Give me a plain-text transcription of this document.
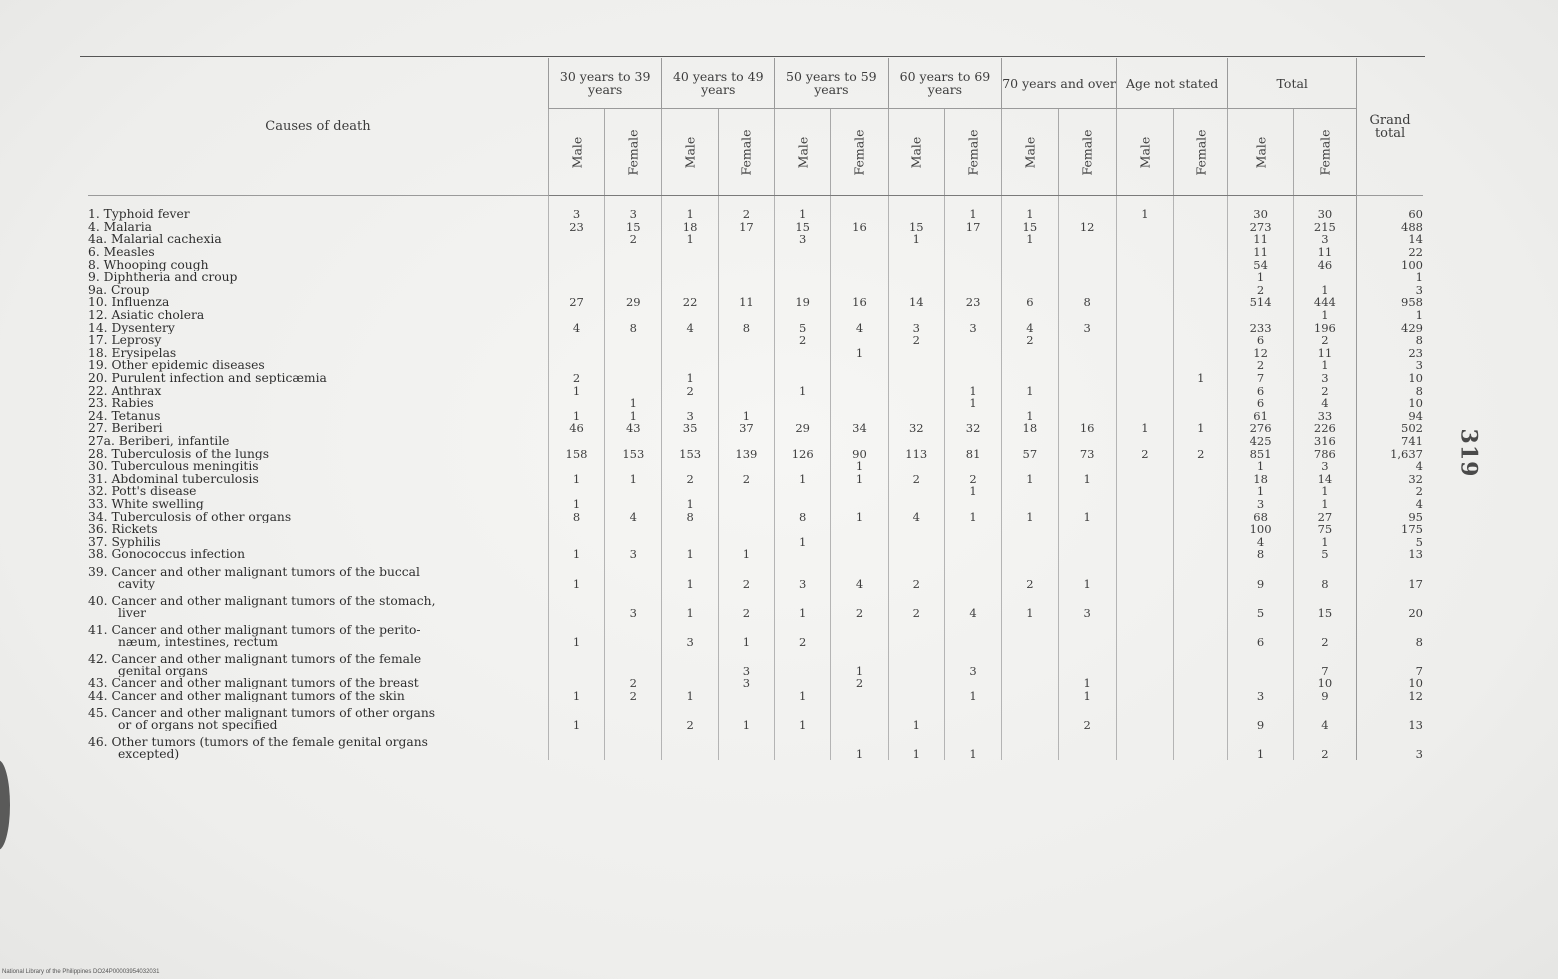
Causes of death	30 years to 39 years		40 years to 49 years		50 years to 59 years		60 years to 69 years		70 years and over		Age not stated		Total		Grand total
	Male	Female	Male	Female	Male	Female	Male	Female	Male	Female	Male	Female	Male	Female	

1. Typhoid fever	3	3	1	2	1			1	1		1		30	30	60

4. Malaria	23	15	18	17	15	16	15	17	15	12			273	215	488

4a. Malarial cachexia		2	1		3		1		1				11	3	14

6. Measles													11	11	22

8. Whooping cough													54	46	100

9. Diphtheria and croup													1		1

9a. Croup													2	1	3

10. Influenza	27	29	22	11	19	16	14	23	6	8			514	444	958

12. Asiatic cholera														1	1

14. Dysentery	4	8	4	8	5	4	3	3	4	3			233	196	429

17. Leprosy					2		2		2				6	2	8

18. Erysipelas						1							12	11	23

19. Other epidemic diseases													2	1	3

20. Purulent infection and septicæmia	2		1									1	7	3	10

22. Anthrax	1		2		1			1	1				6	2	8

23. Rabies		1						1					6	4	10

24. Tetanus	1	1	3	1					1				61	33	94

27. Beriberi	46	43	35	37	29	34	32	32	18	16	1	1	276	226	502

27a. Beriberi, infantile													425	316	741

28. Tuberculosis of the lungs	158	153	153	139	126	90	113	81	57	73	2	2	851	786	1,637

30. Tuberculous meningitis						1							1	3	4

31. Abdominal tuberculosis	1	1	2	2	1	1	2	2	1	1			18	14	32

32. Pott's disease								1					1	1	2

33. White swelling	1		1										3	1	4

34. Tuberculosis of other organs	8	4	8		8	1	4	1	1	1			68	27	95

36. Rickets													100	75	175

37. Syphilis					1								4	1	5

38. Gonococcus infection	1	3	1	1									8	5	13

39. Cancer and other malignant tumors of the buccal
cavity	1		1	2	3	4	2		2	1			9	8	17

40. Cancer and other malignant tumors of the stomach,
liver		3	1	2	1	2	2	4	1	3			5	15	20

41. Cancer and other malignant tumors of the perito-
næum, intestines, rectum	1		3	1	2								6	2	8

42. Cancer and other malignant tumors of the female
genital organs				3		1		3						7	7

43. Cancer and other malignant tumors of the breast		2		3		2				1				10	10

44. Cancer and other malignant tumors of the skin	1	2	1		1			1		1			3	9	12

45. Cancer and other malignant tumors of other organs
or of organs not specified	1		2	1	1		1			2			9	4	13

46. Other tumors (tumors of the female genital organs
excepted)						1	1	1					1	2	3
319
National Library of the Philippines DO24P00003954032031
